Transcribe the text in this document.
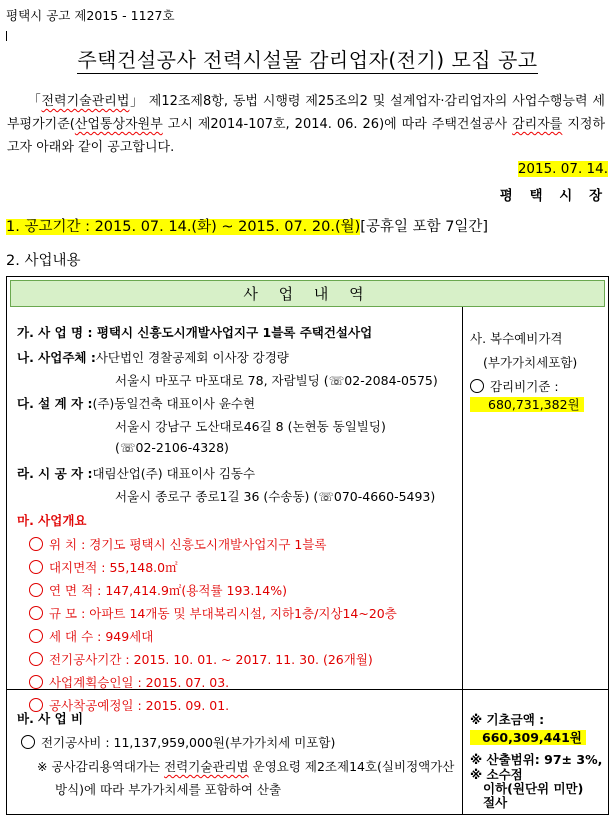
평택시 공고 제2015 - 1127호
주택건설공사 전력시설물 감리업자(전기) 모집 공고
「전력기술관리법」 제12조제8항, 동법 시행령 제25조의2 및 설계업자·감리업자의 사업수행능력 세부평가기준(산업통상자원부 고시 제2014-107호, 2014. 06. 26)에 따라 주택건설공사 감리자를 지정하고자 아래와 같이 공고합니다.
2015. 07. 14.
평 택 시 장
1. 공고기간 : 2015. 07. 14.(화) ~ 2015. 07. 20.(월)[공휴일 포함 7일간]
2. 사업내용
사 업 내 역
가. 사 업 명 : 평택시 신흥도시개발사업지구 1블록 주택건설사업
나. 사업주체 :사단법인 경찰공제회 이사장 강경량
서울시 마포구 마포대로 78, 자람빌딩 (☏02-2084-0575)
다. 설 계 자 :(주)동일건축 대표이사 윤수현
서울시 강남구 도산대로46길 8 (논현동 동일빌딩)
(☏02-2106-4328)
라. 시 공 자 :대림산업(주) 대표이사 김동수
서울시 종로구 종로1길 36 (수송동) (☏070-4660-5493)
마. 사업개요
위 치 : 경기도 평택시 신흥도시개발사업지구 1블록
대지면적 : 55,148.0㎡
연 면 적 : 147,414.9㎡(용적률 193.14%)
규 모 : 아파트 14개동 및 부대복리시설, 지하1층/지상14~20층
세 대 수 : 949세대
전기공사기간 : 2015. 10. 01. ~ 2017. 11. 30. (26개월)
사업계획승인일 : 2015. 07. 03.
공사착공예정일 : 2015. 09. 01.
바. 사 업 비
전기공사비 : 11,137,959,000원(부가가치세 미포함)
※ 공사감리용역대가는 전력기술관리법 운영요령 제2조제14호(실비정액가산
방식)에 따라 부가가치세를 포함하여 산출
사. 복수예비가격
(부가가치세포함)
감리비기준 :
680,731,382원
※ 기초금액 :
660,309,441원
※ 산출범위: 97± 3%,
※ 소수점
이하(원단위 미만)
절사
